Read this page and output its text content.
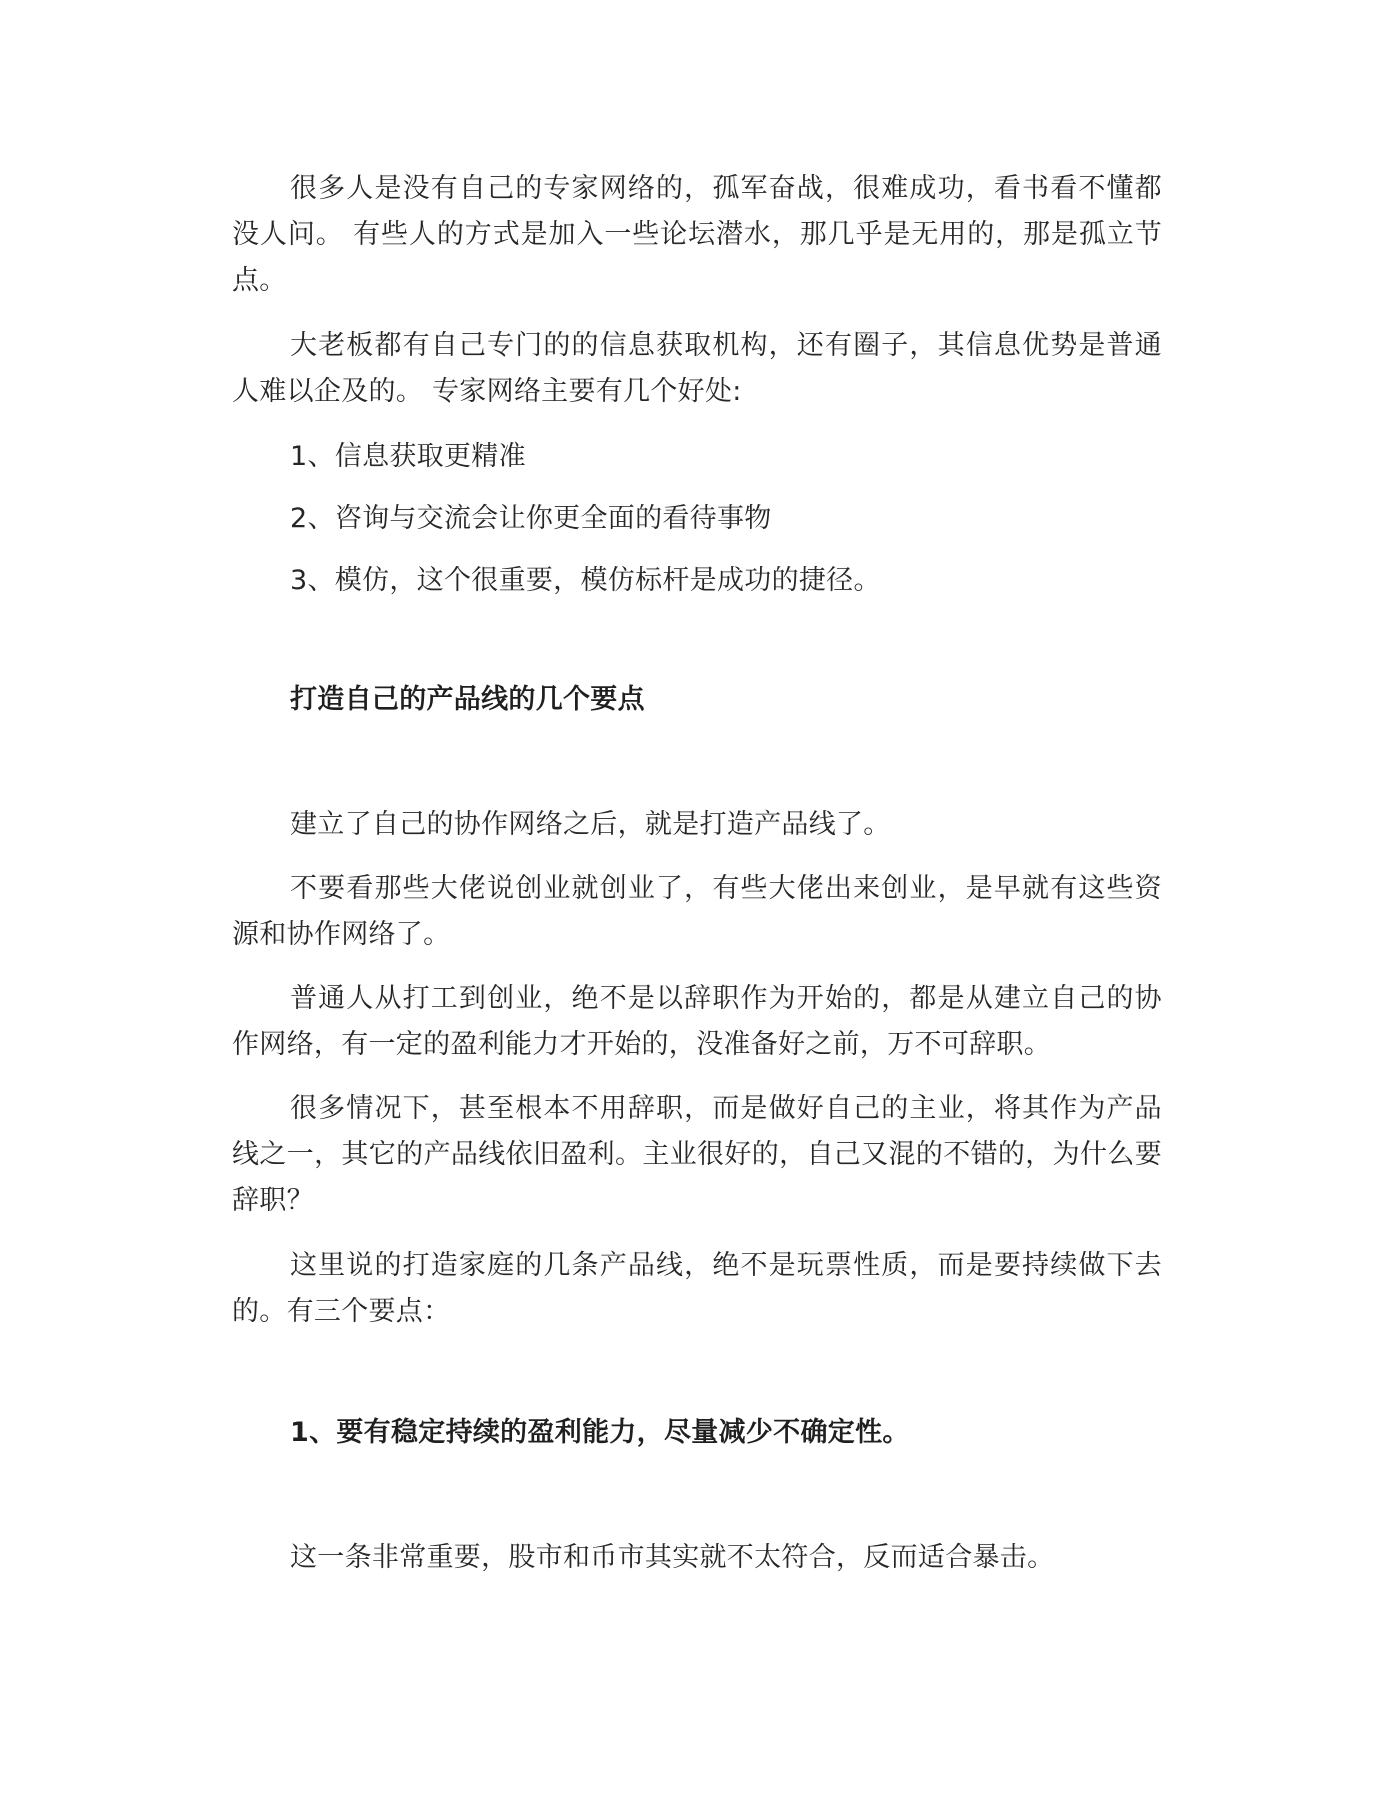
很多人是没有自己的专家网络的，孤军奋战，很难成功，看书看不懂都没人问。 有些人的方式是加入一些论坛潜水，那几乎是无用的，那是孤立节点。

大老板都有自己专门的的信息获取机构，还有圈子，其信息优势是普通人难以企及的。 专家网络主要有几个好处:

1、信息获取更精准

2、咨询与交流会让你更全面的看待事物

3、模仿，这个很重要，模仿标杆是成功的捷径。

打造自己的产品线的几个要点

建立了自己的协作网络之后，就是打造产品线了。

不要看那些大佬说创业就创业了，有些大佬出来创业，是早就有这些资源和协作网络了。

普通人从打工到创业，绝不是以辞职作为开始的，都是从建立自己的协作网络，有一定的盈利能力才开始的，没准备好之前，万不可辞职。

很多情况下，甚至根本不用辞职，而是做好自己的主业，将其作为产品线之一，其它的产品线依旧盈利。主业很好的，自己又混的不错的，为什么要辞职？

这里说的打造家庭的几条产品线，绝不是玩票性质，而是要持续做下去的。有三个要点：

1、要有稳定持续的盈利能力，尽量减少不确定性。

这一条非常重要，股市和币市其实就不太符合，反而适合暴击。
